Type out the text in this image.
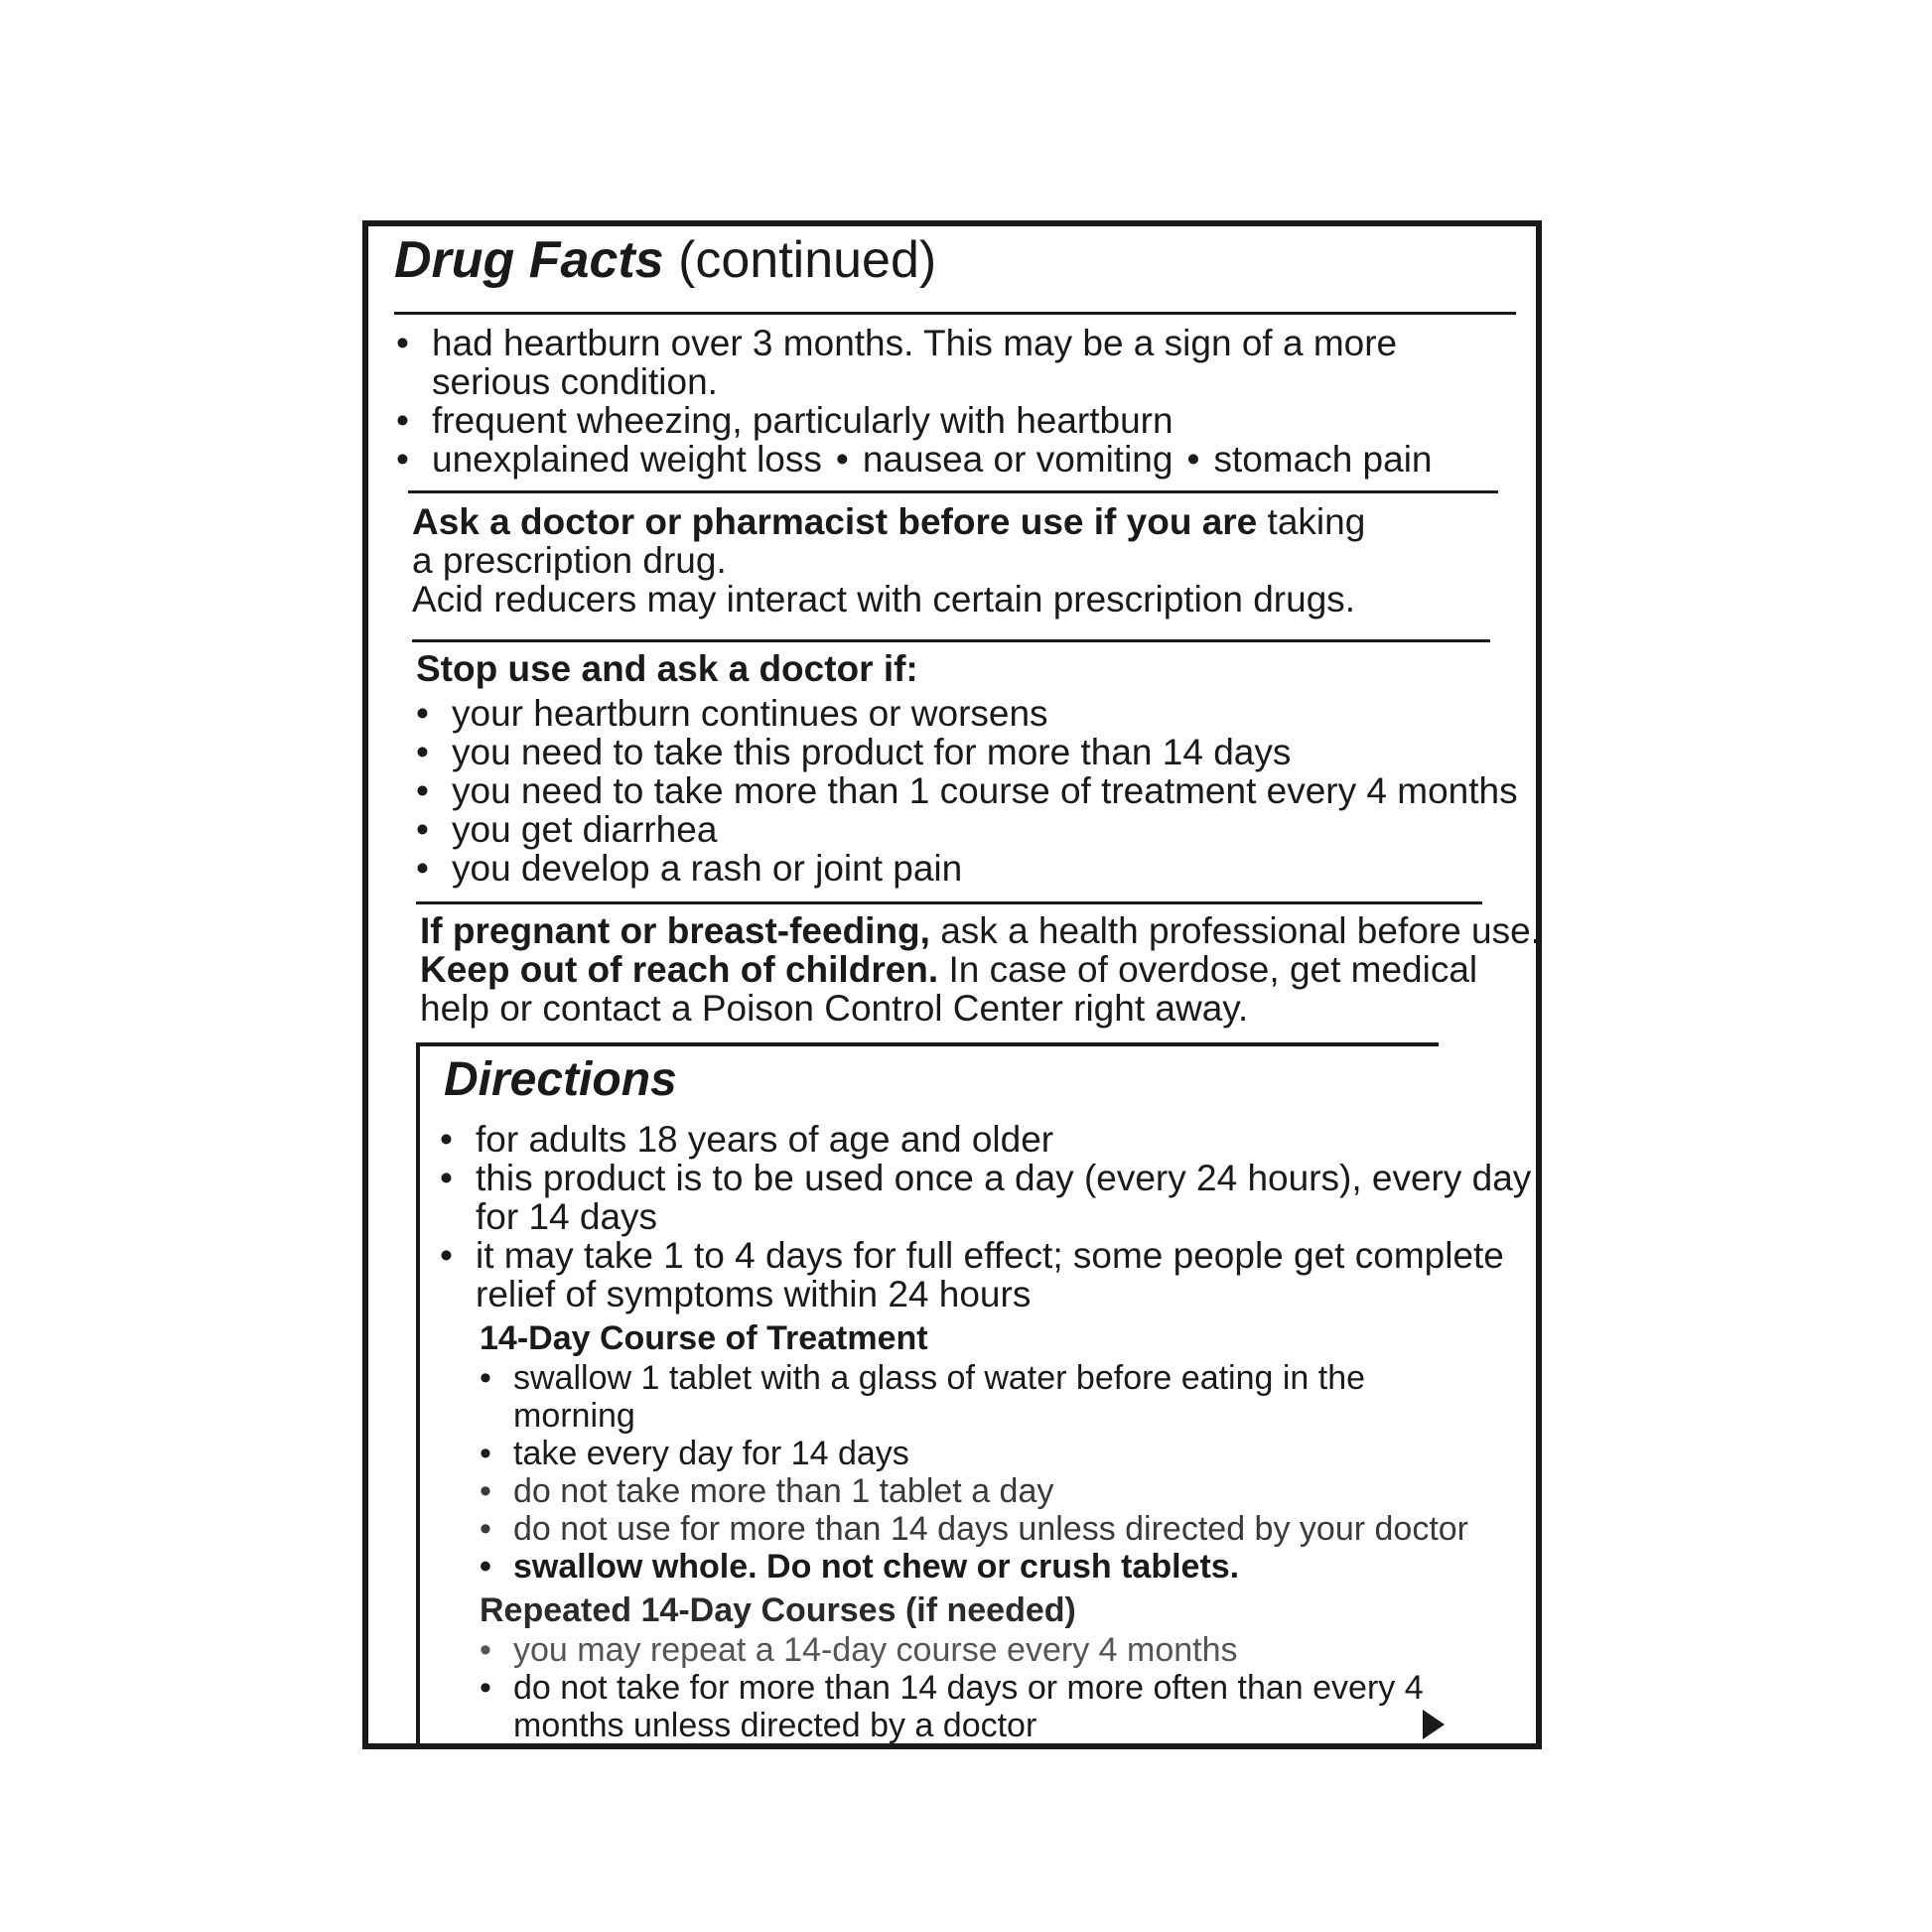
Drug Facts (continued)
• had heartburn over 3 months. This may be a sign of a more serious condition.
• frequent wheezing, particularly with heartburn
• unexplained weight loss • nausea or vomiting • stomach pain
Ask a doctor or pharmacist before use if you are taking a prescription drug.
Acid reducers may interact with certain prescription drugs.
Stop use and ask a doctor if:
• your heartburn continues or worsens
• you need to take this product for more than 14 days
• you need to take more than 1 course of treatment every 4 months
• you get diarrhea
• you develop a rash or joint pain
If pregnant or breast-feeding, ask a health professional before use.
Keep out of reach of children. In case of overdose, get medical help or contact a Poison Control Center right away.
Directions
• for adults 18 years of age and older
• this product is to be used once a day (every 24 hours), every day
for 14 days
• it may take 1 to 4 days for full effect; some people get complete
relief of symptoms within 24 hours
14-Day Course of Treatment
• swallow 1 tablet with a glass of water before eating in the
morning
• take every day for 14 days
• do not take more than 1 tablet a day
• do not use for more than 14 days unless directed by your doctor
• swallow whole. Do not chew or crush tablets.
Repeated 14-Day Courses (if needed)
• you may repeat a 14-day course every 4 months
• do not take for more than 14 days or more often than every 4
months unless directed by a doctor
